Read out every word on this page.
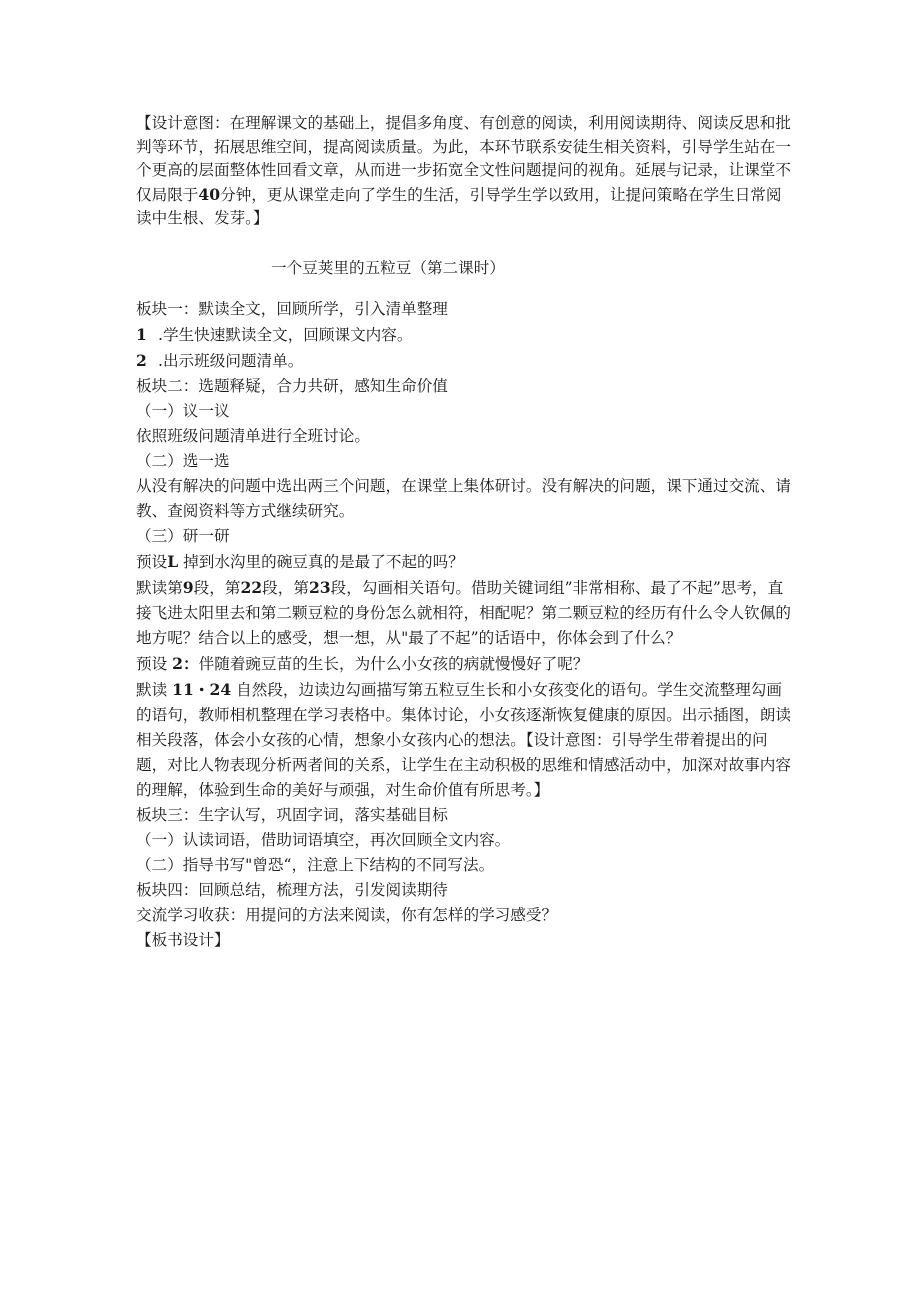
【设计意图：在理解课文的基础上，提倡多角度、有创意的阅读，利用阅读期待、阅读反思和批判等环节，拓展思维空间，提高阅读质量。为此，本环节联系安徒生相关资料，引导学生站在一个更高的层面整体性回看文章，从而进一步拓宽全文性问题提问的视角。延展与记录，让课堂不仅局限于40分钟，更从课堂走向了学生的生活，引导学生学以致用，让提问策略在学生日常阅读中生根、发芽。】

一个豆荚里的五粒豆（第二课时）
板块一：默读全文，回顾所学，引入清单整理
1 .学生快速默读全文，回顾课文内容。
2 .出示班级问题清单。
板块二：选题释疑，合力共研，感知生命价值
（一）议一议
依照班级问题清单进行全班讨论。
（二）选一选

从没有解决的问题中选出两三个问题，在课堂上集体研讨。没有解决的问题，课下通过交流、请教、查阅资料等方式继续研究。

（三）研一研
预设L 掉到水沟里的碗豆真的是最了不起的吗？

默读第9段，第22段，第23段，勾画相关语句。借助关键词组”非常相称、最了不起”思考，直接飞进太阳里去和第二颗豆粒的身份怎么就相符，相配呢？第二颗豆粒的经历有什么令人钦佩的地方呢？结合以上的感受，想一想，从"最了不起”的话语中，你体会到了什么？

预设 2：伴随着豌豆苗的生长，为什么小女孩的病就慢慢好了呢？

默读 11・24 自然段，边读边勾画描写第五粒豆生长和小女孩变化的语句。学生交流整理勾画的语句，教师相机整理在学习表格中。集体讨论，小女孩逐渐恢复健康的原因。出示插图，朗读相关段落，体会小女孩的心情，想象小女孩内心的想法。【设计意图：引导学生带着提出的问题，对比人物表现分析两者间的关系，让学生在主动积极的思维和情感活动中，加深对故事内容的理解，体验到生命的美好与顽强，对生命价值有所思考。】

板块三：生字认写，巩固字词，落实基础目标
（一）认读词语，借助词语填空，再次回顾全文内容。
（二）指导书写"曾恐“，注意上下结构的不同写法。
板块四：回顾总结，梳理方法，引发阅读期待
交流学习收获：用提问的方法来阅读，你有怎样的学习感受？
【板书设计】
